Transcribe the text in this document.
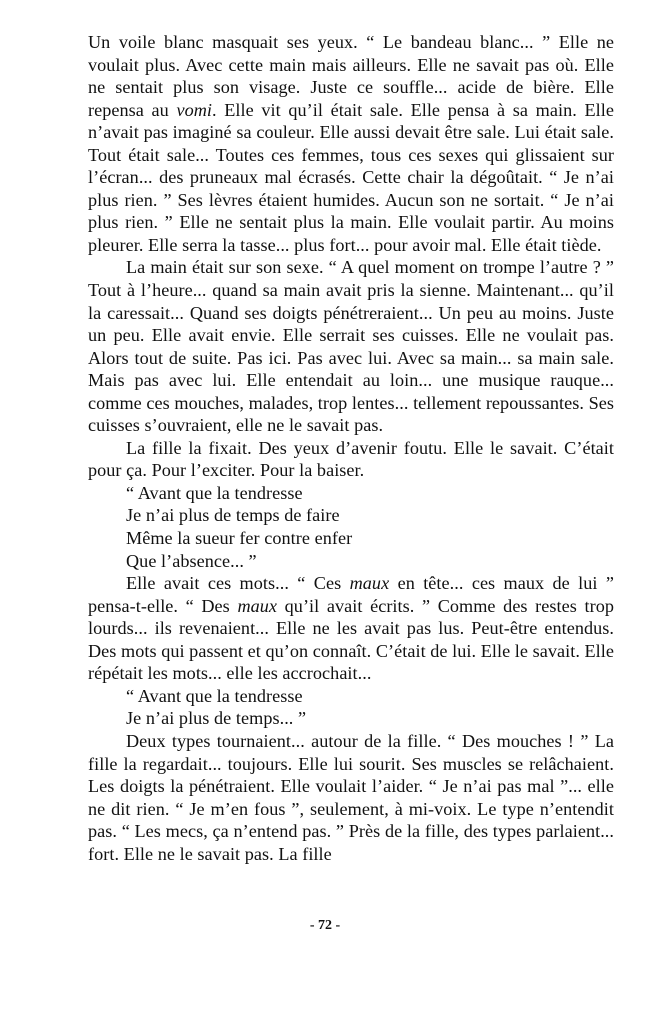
Un voile blanc masquait ses yeux. “ Le bandeau blanc... ” Elle ne voulait plus. Avec cette main mais ailleurs. Elle ne savait pas où. Elle ne sentait plus son visage. Juste ce souffle... acide de bière. Elle repensa au vomi. Elle vit qu’il était sale. Elle pensa à sa main. Elle n’avait pas imaginé sa couleur. Elle aussi devait être sale. Lui était sale. Tout était sale... Toutes ces femmes, tous ces sexes qui glissaient sur l’écran... des pruneaux mal écrasés. Cette chair la dégoûtait. “ Je n’ai plus rien. ” Ses lèvres étaient humides. Aucun son ne sortait. “ Je n’ai plus rien. ” Elle ne sentait plus la main. Elle voulait partir. Au moins pleurer. Elle serra la tasse... plus fort... pour avoir mal. Elle était tiède.

La main était sur son sexe. “ A quel moment on trompe l’autre ? ” Tout à l’heure... quand sa main avait pris la sienne. Maintenant... qu’il la caressait... Quand ses doigts pénétreraient... Un peu au moins. Juste un peu. Elle avait envie. Elle serrait ses cuisses. Elle ne voulait pas. Alors tout de suite. Pas ici. Pas avec lui. Avec sa main... sa main sale. Mais pas avec lui. Elle entendait au loin... une musique rauque... comme ces mouches, malades, trop lentes... tellement repoussantes. Ses cuisses s’ouvraient, elle ne le savait pas.

La fille la fixait. Des yeux d’avenir foutu. Elle le savait. C’était pour ça. Pour l’exciter. Pour la baiser.

“ Avant que la tendresse

Je n’ai plus de temps de faire

Même la sueur fer contre enfer

Que l’absence... ”

Elle avait ces mots... “ Ces maux en tête... ces maux de lui ” pensa-t-elle. “ Des maux qu’il avait écrits. ” Comme des restes trop lourds... ils revenaient... Elle ne les avait pas lus. Peut-être entendus. Des mots qui passent et qu’on connaît. C’était de lui. Elle le savait. Elle répétait les mots... elle les accrochait...

“ Avant que la tendresse

Je n’ai plus de temps... ”

Deux types tournaient... autour de la fille. “ Des mouches ! ” La fille la regardait... toujours. Elle lui sourit. Ses muscles se relâchaient. Les doigts la pénétraient. Elle voulait l’aider. “ Je n’ai pas mal ”... elle ne dit rien. “ Je m’en fous ”, seulement, à mi-voix. Le type n’entendit pas. “ Les mecs, ça n’entend pas. ” Près de la fille, des types parlaient... fort. Elle ne le savait pas. La fille

- 72 -
